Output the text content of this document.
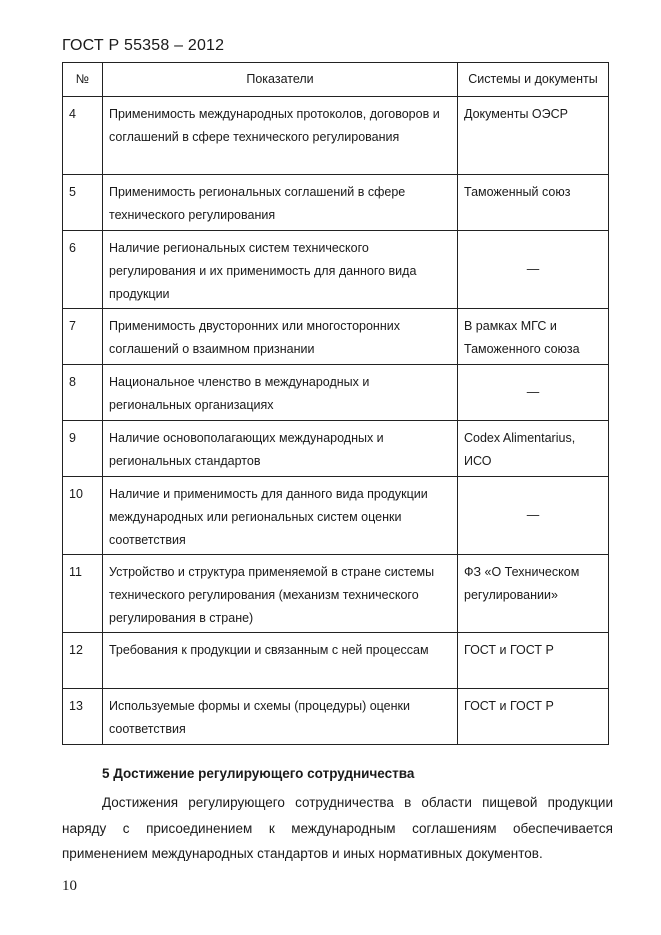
ГОСТ Р 55358 – 2012
№	Показатели	Системы и документы
4	Применимость международных протоколов, договоров и соглашений в сфере технического регулирования	Документы ОЭСР
5	Применимость региональных соглашений в сфере технического регулирования	Таможенный союз
6	Наличие региональных систем технического регулирования и их применимость для данного вида продукции	—
7	Применимость двусторонних или многосторонних соглашений о взаимном признании	В рамках МГС и Таможенного союза
8	Национальное членство в международных и региональных организациях	—
9	Наличие основополагающих международных и региональных стандартов	Codex Alimentarius, ИСО
10	Наличие и применимость для данного вида продукции международных или региональных систем оценки соответствия	—
11	Устройство и структура применяемой в стране системы технического регулирования (механизм технического регулирования в стране)	ФЗ «О Техническом регулировании»
12	Требования к продукции и связанным с ней процессам	ГОСТ и ГОСТ Р
13	Используемые формы и схемы (процедуры) оценки соответствия	ГОСТ и ГОСТ Р
5 Достижение регулирующего сотрудничества
Достижения регулирующего сотрудничества в области пищевой продукции наряду с присоединением к международным соглашениям обеспечивается применением международных стандартов и иных нормативных документов.
10
